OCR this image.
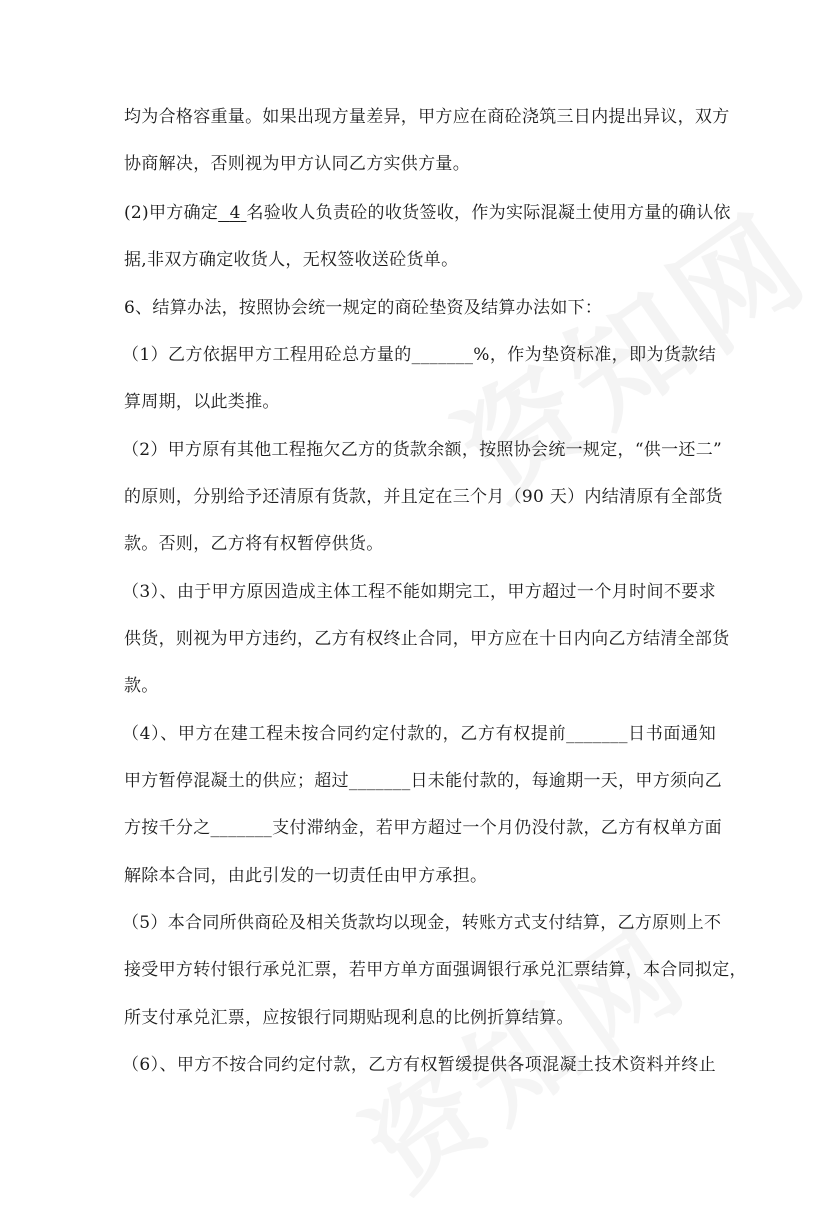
均为合格容重量。如果出现方量差异，甲方应在商砼浇筑三日内提出异议，双方
协商解决，否则视为甲方认同乙方实供方量。
(2)甲方确定 4 名验收人负责砼的收货签收，作为实际混凝土使用方量的确认依
据,非双方确定收货人，无权签收送砼货单。
6、结算办法，按照协会统一规定的商砼垫资及结算办法如下：
（1）乙方依据甲方工程用砼总方量的_______%，作为垫资标准，即为货款结
算周期，以此类推。
（2）甲方原有其他工程拖欠乙方的货款余额，按照协会统一规定，“供一还二”
的原则，分别给予还清原有货款，并且定在三个月（90 天）内结清原有全部货
款。否则，乙方将有权暂停供货。
（3）、由于甲方原因造成主体工程不能如期完工，甲方超过一个月时间不要求
供货，则视为甲方违约，乙方有权终止合同，甲方应在十日内向乙方结清全部货
款。
（4）、甲方在建工程未按合同约定付款的，乙方有权提前_______日书面通知
甲方暂停混凝土的供应；超过_______日未能付款的，每逾期一天，甲方须向乙
方按千分之_______支付滞纳金，若甲方超过一个月仍没付款，乙方有权单方面
解除本合同，由此引发的一切责任由甲方承担。
（5）本合同所供商砼及相关货款均以现金，转账方式支付结算，乙方原则上不
接受甲方转付银行承兑汇票，若甲方单方面强调银行承兑汇票结算，本合同拟定，
所支付承兑汇票，应按银行同期贴现利息的比例折算结算。
（6）、甲方不按合同约定付款，乙方有权暂缓提供各项混凝土技术资料并终止
